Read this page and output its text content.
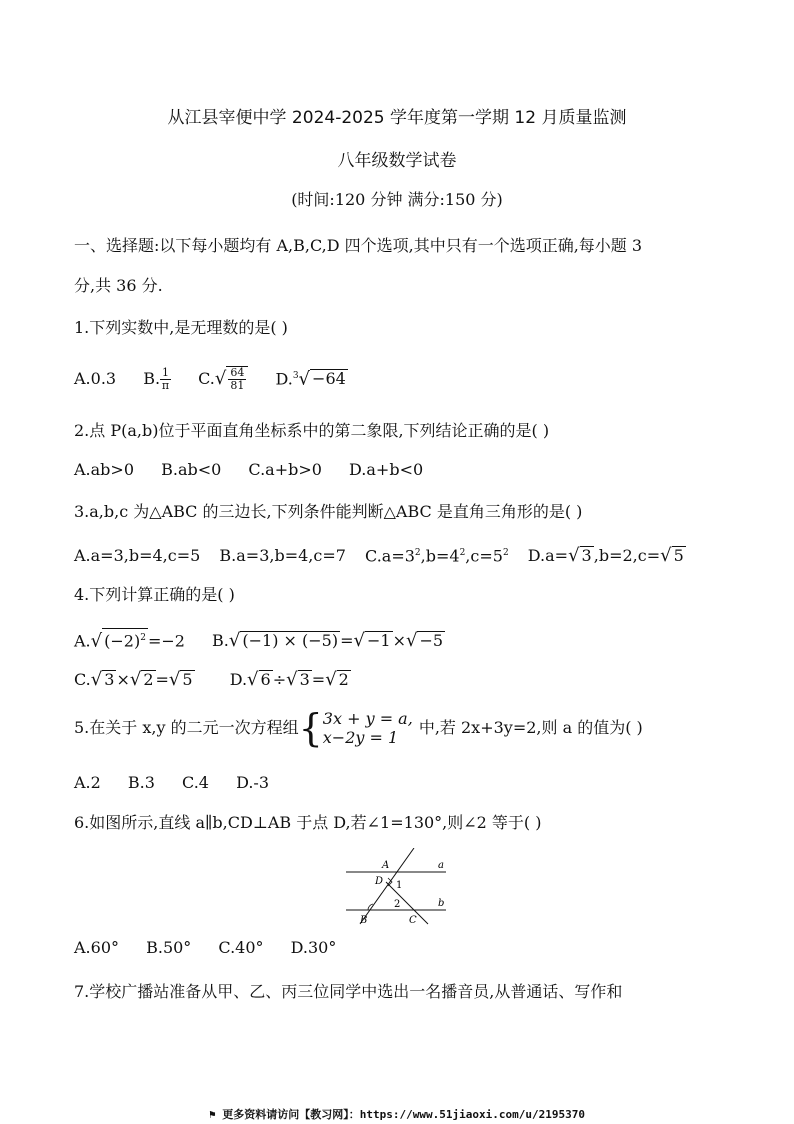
从江县宰便中学 2024-2025 学年度第一学期 12 月质量监测
八年级数学试卷
(时间:120 分钟 满分:150 分)
一、选择题:以下每小题均有 A,B,C,D 四个选项,其中只有一个选项正确,每小题 3
分,共 36 分.
1.下列实数中,是无理数的是( )
A.0.3 B. $\frac{1}{\pi} C.√ \frac{64}{81} D.^3√ -64$
2.点 P(a,b)位于平面直角坐标系中的第二象限,下列结论正确的是( )
A.ab>0 B.ab<0 C.a+b>0 D.a+b<0
3.a,b,c 为△ABC 的三边长,下列条件能判断△ABC 是直角三角形的是( )
A.a=3,b=4,c=5 B.a=3,b=4,c=7 $C.a=3^2,b=4^2,c=5^2$ D.a=√ 3 ,b=2,c=√ 5
4.下列计算正确的是( )
A.√ $(-2)^2 =-2$ B.√ (−1) × (−5) =√ −1 ×√ −5
C.√ 3 ×√ 2 =√ 5 D.√ 6 ÷√ 3 =√ 2
5.在关于 x,y 的二元一次方程组 { 3x + y = a,
x−2y = 1
中,若 2x+3y=2,则 a 的值为( )
A.2 B.3 C.4 D.-3
6.如图所示,直线 a∥b,CD⊥AB 于点 D,若∠1=130°,则∠2 等于( )
A
D 1
2
B	C
a
b
A.60° B.50° C.40° D.30°
7.学校广播站准备从甲、乙、丙三位同学中选出一名播音员,从普通话、写作和
⚑ 更多资料请访问【教习网】：https://www.51jiaoxi.com/u/2195370
